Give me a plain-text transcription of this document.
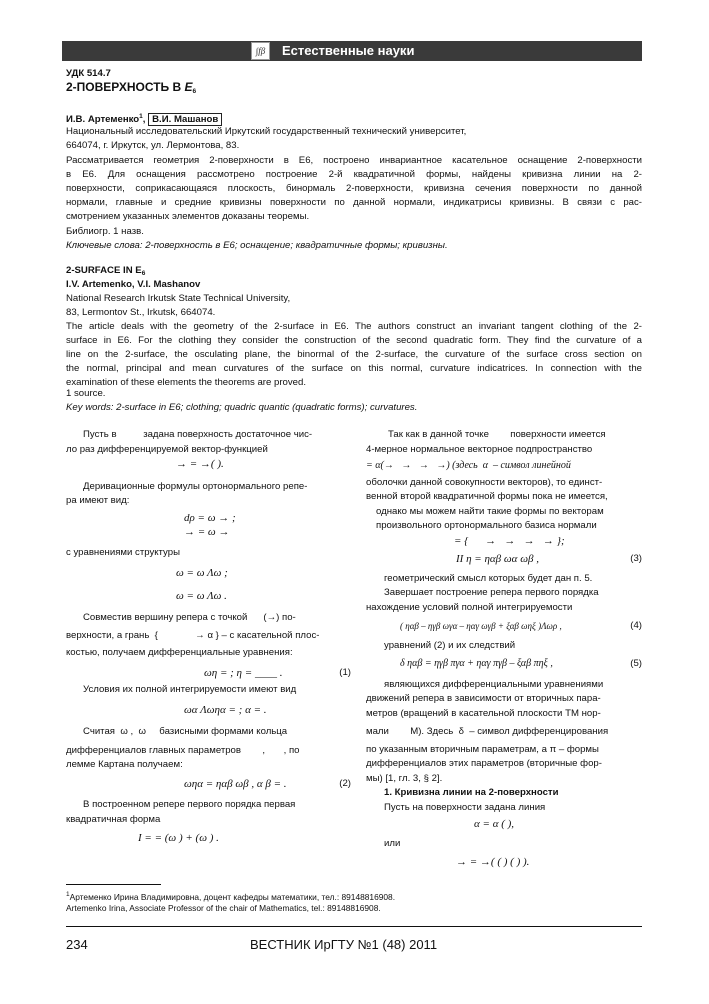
∫fβ	Естественные науки
УДК 514.7
2-ПОВЕРХНОСТЬ В $E_6$
И.В. Артеменко$^1$, В.И. Машанов
Национальный исследовательский Иркутский государственный технический университет,
664074, г. Иркутск, ул. Лермонтова, 83.
Рассматривается геометрия 2-поверхности в E6, построено инвариантное касательное оснащение 2-поверхности
в E6. Для оснащения рассмотрено построение 2-й квадратичной формы, найдены кривизна линии на 2-
поверхности, соприкасающаяся плоскость, бинормаль 2-поверхности, кривизна сечения поверхности по данной
нормали, главные и средние кривизны поверхности по данной нормали, индикатрисы кривизны. В связи с рас-
смотрением указанных элементов доказаны теоремы.
Библиогр. 1 назв.
Ключевые слова: 2-поверхность в E6; оснащение; квадратичные формы; кривизны.
2-SURFACE IN $E_6$
I.V. Artemenko, V.I. Mashanov
National Research Irkutsk State Technical University,
83, Lermontov St., Irkutsk, 664074.
The article deals with the geometry of the 2-surface in E6. The authors construct an invariant tangent clothing of the 2-
surface in E6. For the clothing they consider the construction of the second quadratic form. They find the curvature of a
line on the 2-surface, the osculating plane, the binormal of the 2-surface, the curvature of the surface cross section on
the normal, principal and mean curvatures of the surface on this normal, curvature indicatrices. In connection with the
examination of these elements the theorems are proved.
1 source.
Key words: 2-surface in E6; clothing; quadric quantic (quadratic forms); curvatures.
Пусть в          задана поверхность достаточное чис-
ло раз дифференцируемой вектор-функцией
→ = →( ).
Деривационные формулы ортонормального репе-
ра имеют вид:
dρ = ω → ;
→ = ω →
с уравнениями структуры
ω = ω Λω ;
ω = ω Λω .
Совместив вершину репера с точкой      (→) по-
верхности, а грань  {              → α } – с касательной плос-
костью, получаем дифференциальные уравнения:
ωη = ; η = ____ .	(1)
Условия их полной интегрируемости имеют вид
ωα Λωηα = ; α = .
Считая  ω ,  ω     базисными формами кольца
дифференциалов главных параметров        ,       , по
лемме Картана получаем:
ωηα = ηαβ ωβ , α β = .	(2)
В построенном репере первого порядка первая
квадратичная форма
I = = (ω ) + (ω ) .
Так как в данной точке        поверхности имеется
4-мерное нормальное векторное подпространство
= α(→   →   →   →) (здесь  α  – символ линейной
оболочки данной совокупности векторов), то единст-
венной второй квадратичной формы пока не имеется,
однако мы можем найти такие формы по векторам
произвольного ортонормального базиса нормали
= {      →   →   →   → };
II η = ηαβ ωα ωβ ,	(3)
геометрический смысл которых будет дан п. 5.
Завершает построение репера первого порядка
нахождение условий полной интегрируемости
( ηαβ – ηγβ ωγα – ηαγ ωγβ + ξαβ ωηξ )Λωρ ,	(4)
уравнений (2) и их следствий
δ ηαβ = ηγβ πγα + ηαγ πγβ – ξαβ πηξ ,	(5)
являющихся дифференциальными уравнениями
движений репера в зависимости от вторичных пара-
метров (вращений в касательной плоскости TM нор-
мали        M). Здесь  δ  – символ дифференцирования
по указанным вторичным параметрам, а π – формы
дифференциалов этих параметров (вторичные фор-
мы) [1, гл. 3, § 2].
1. Кривизна линии на 2-поверхности
Пусть на поверхности задана линия
α = α ( ),
или
→ = →( ( ) ( ) ).
$^1$Артеменко Ирина Владимировна, доцент кафедры математики, тел.: 89148816908.
Artemenko Irina, Associate Professor of the chair of Mathematics, tel.: 89148816908.
234	ВЕСТНИК ИрГТУ №1 (48) 2011
